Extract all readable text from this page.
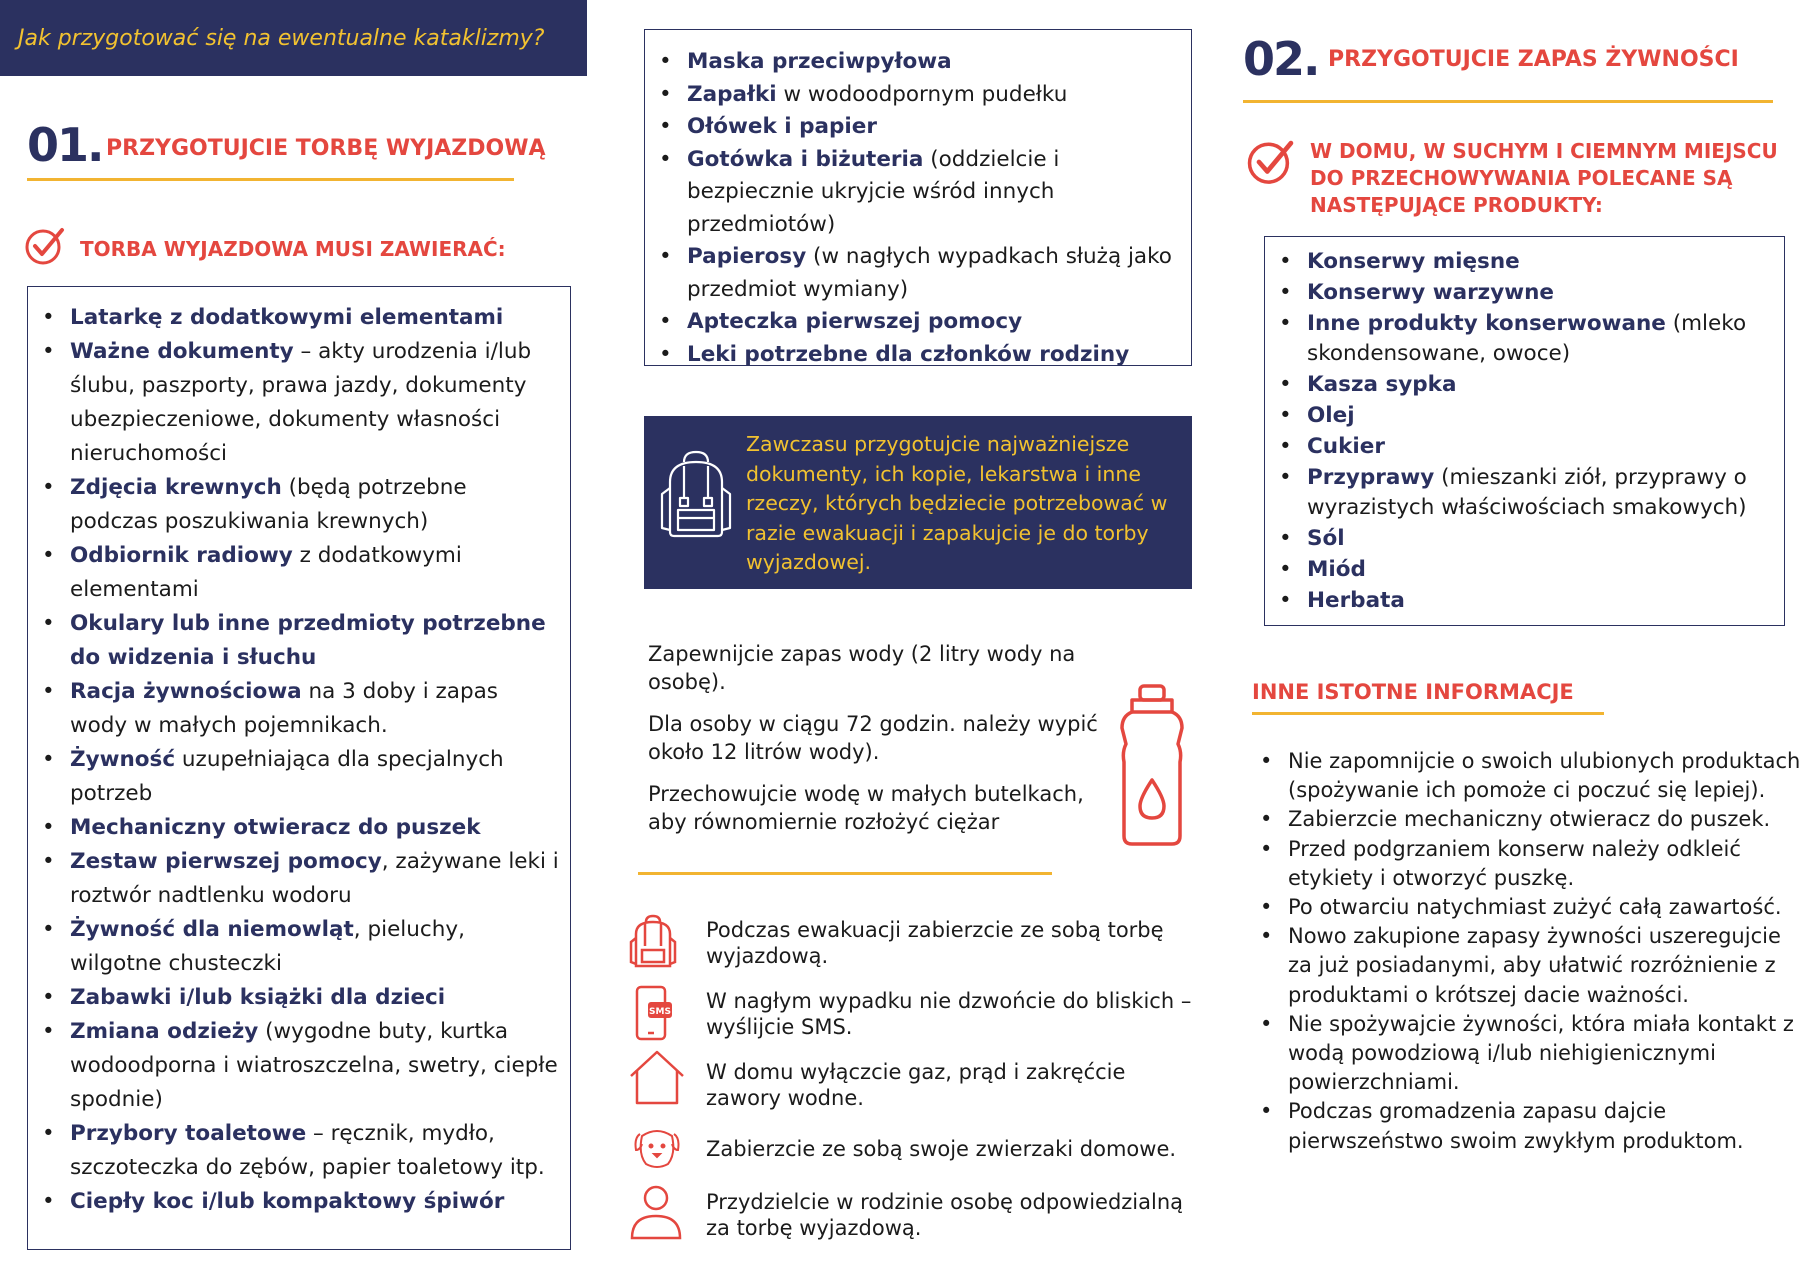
Jak przygotować się na ewentualne kataklizmy?
01. PRZYGOTUJCIE TORBĘ WYJAZDOWĄ
TORBA WYJAZDOWA MUSI ZAWIERAĆ:
• Latarkę z dodatkowymi elementami
• Ważne dokumenty – akty urodzenia i/lub ślubu, paszporty, prawa jazdy, dokumenty ubezpieczeniowe, dokumenty własności nieruchomości
• Zdjęcia krewnych (będą potrzebne podczas poszukiwania krewnych)
• Odbiornik radiowy z dodatkowymi elementami
• Okulary lub inne przedmioty potrzebne do widzenia i słuchu
• Racja żywnościowa na 3 doby i zapas wody w małych pojemnikach.
• Żywność uzupełniająca dla specjalnych potrzeb
• Mechaniczny otwieracz do puszek
• Zestaw pierwszej pomocy, zażywane leki i roztwór nadtlenku wodoru
• Żywność dla niemowląt, pieluchy, wilgotne chusteczki
• Zabawki i/lub książki dla dzieci
• Zmiana odzieży (wygodne buty, kurtka wodoodporna i wiatroszczelna, swetry, ciepłe spodnie)
• Przybory toaletowe – ręcznik, mydło, szczoteczka do zębów, papier toaletowy itp.
• Ciepły koc i/lub kompaktowy śpiwór
• Maska przeciwpyłowa
• Zapałki w wodoodpornym pudełku
• Ołówek i papier
• Gotówka i biżuteria (oddzielcie i bezpiecznie ukryjcie wśród innych przedmiotów)
• Papierosy (w nagłych wypadkach służą jako przedmiot wymiany)
• Apteczka pierwszej pomocy
• Leki potrzebne dla członków rodziny

Zawczasu przygotujcie najważniejsze dokumenty, ich kopie, lekarstwa i inne rzeczy, których będziecie potrzebować w razie ewakuacji i zapakujcie je do torby wyjazdowej.

Zapewnijcie zapas wody (2 litry wody na osobę).

Dla osoby w ciągu 72 godzin. należy wypić około 12 litrów wody).

Przechowujcie wodę w małych butelkach, aby równomiernie rozłożyć ciężar

Podczas ewakuacji zabierzcie ze sobą torbę wyjazdową.
SMS W nagłym wypadku nie dzwońcie do bliskich – wyślijcie SMS.
W domu wyłączcie gaz, prąd i zakręćcie zawory wodne.
Zabierzcie ze sobą swoje zwierzaki domowe.
Przydzielcie w rodzinie osobę odpowiedzialną za torbę wyjazdową.
02. PRZYGOTUJCIE ZAPAS ŻYWNOŚCI
W DOMU, W SUCHYM I CIEMNYM MIEJSCU DO PRZECHOWYWANIA POLECANE SĄ NASTĘPUJĄCE PRODUKTY:
• Konserwy mięsne
• Konserwy warzywne
• Inne produkty konserwowane (mleko skondensowane, owoce)
• Kasza sypka
• Olej
• Cukier
• Przyprawy (mieszanki ziół, przyprawy o wyrazistych właściwościach smakowych)
• Sól
• Miód
• Herbata
INNE ISTOTNE INFORMACJE
• Nie zapomnijcie o swoich ulubionych produktach (spożywanie ich pomoże ci poczuć się lepiej).
• Zabierzcie mechaniczny otwieracz do puszek.
• Przed podgrzaniem konserw należy odkleić etykiety i otworzyć puszkę.
• Po otwarciu natychmiast zużyć całą zawartość.
• Nowo zakupione zapasy żywności uszeregujcie za już posiadanymi, aby ułatwić rozróżnienie z produktami o krótszej dacie ważności.
• Nie spożywajcie żywności, która miała kontakt z wodą powodziową i/lub niehigienicznymi powierzchniami.
• Podczas gromadzenia zapasu dajcie pierwszeństwo swoim zwykłym produktom.
